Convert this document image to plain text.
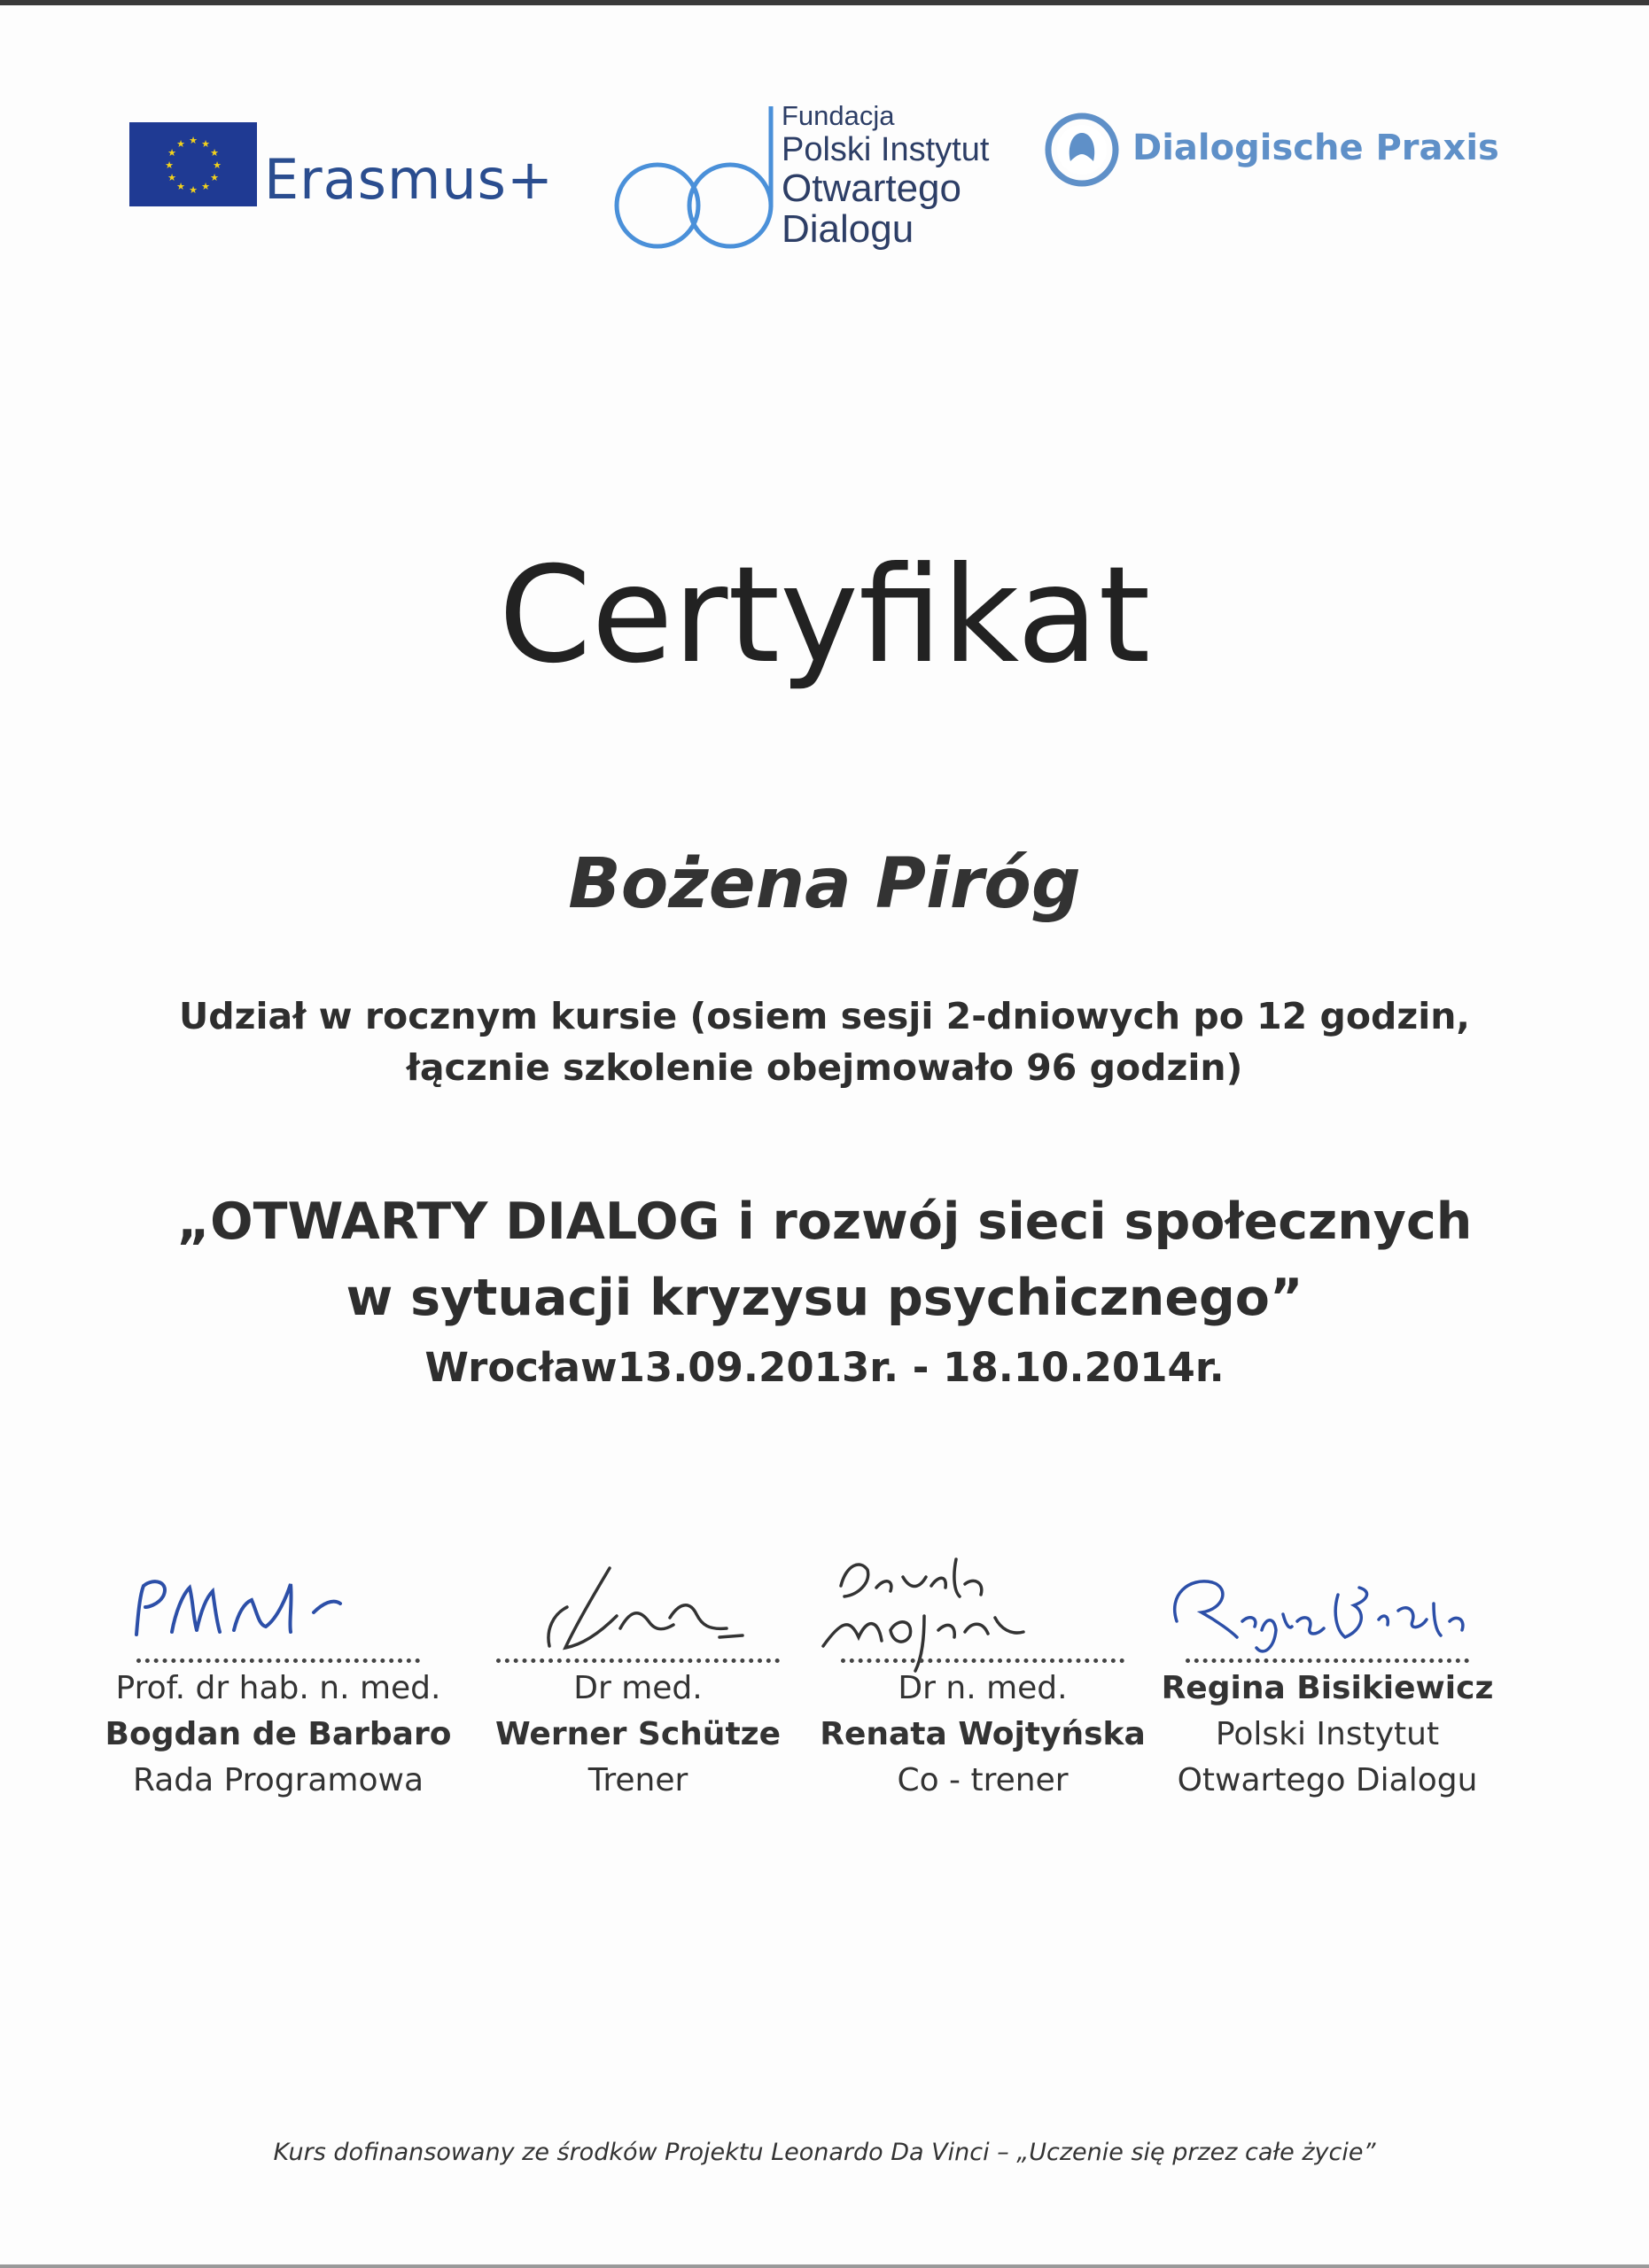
★ ★
★
★
★
★
★
★
★
★
★
★
Erasmus+
Fundacja
Polski Instytut
Otwartego
Dialogu
Dialogische Praxis
Certyfikat
Bożena Piróg
Udział w rocznym kursie (osiem sesji 2-dniowych po 12 godzin,
łącznie szkolenie obejmowało 96 godzin)
„OTWARTY DIALOG i rozwój sieci społecznych
w sytuacji kryzysu psychicznego”
Wrocław13.09.2013r. - 18.10.2014r.
Prof. dr hab. n. med.
Bogdan de Barbaro
Rada Programowa
Dr med.
Werner Schütze
Trener
Dr n. med.
Renata Wojtyńska
Co - trener
Regina Bisikiewicz
Polski Instytut
Otwartego Dialogu
Kurs dofinansowany ze środków Projektu Leonardo Da Vinci – „Uczenie się przez całe życie”
